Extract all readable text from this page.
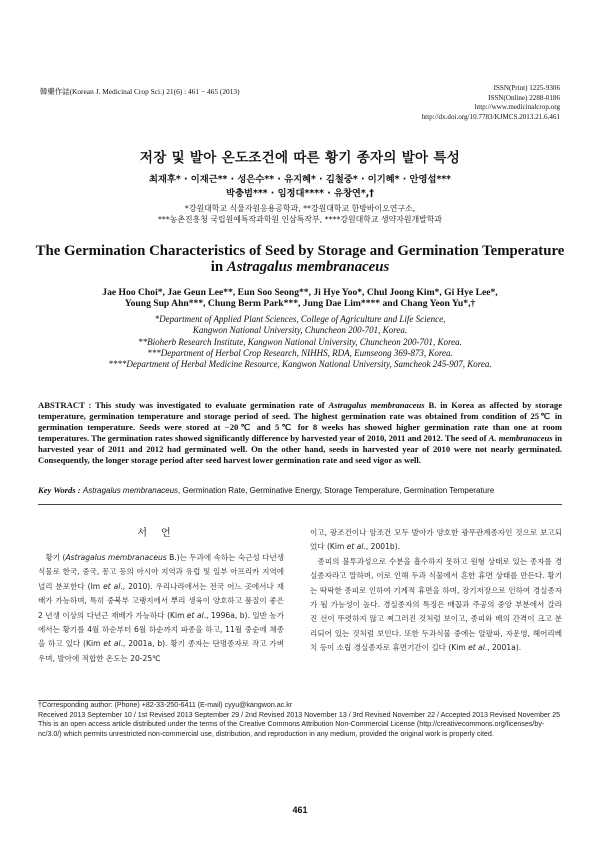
韓藥作誌(Korean J. Medicinal Crop Sci.) 21(6) : 461 − 465 (2013)	ISSN(Print) 1225-9306
ISSN(Online) 2288-0186
http://www.medicinalcrop.org
http://dx.doi.org/10.7783/KJMCS.2013.21.6.461
저장 및 발아 온도조건에 따른 황기 종자의 발아 특성
최재후* · 이재근** · 성은수** · 유지혜* · 김철중* · 이기혜* · 안영섭***
박충범*** · 임정대**** · 유창연*,†
*강원대학교 식물자원응용공학과, **강원대학교 한방바이오연구소,
***농촌진흥청 국립원예특작과학원 인삼특작부, ****강원대학교 생약자원개발학과
The Germination Characteristics of Seed by Storage and Germination Temperature
in Astragalus membranaceus
Jae Hoo Choi*, Jae Geun Lee**, Eun Soo Seong**, Ji Hye Yoo*, Chul Joong Kim*, Gi Hye Lee*,
Young Sup Ahn***, Chung Berm Park***, Jung Dae Lim**** and Chang Yeon Yu*,†
*Department of Applied Plant Sciences, College of Agriculture and Life Science,
Kangwon National University, Chuncheon 200-701, Korea.
**Bioherb Research Institute, Kangwon National University, Chuncheon 200-701, Korea.
***Department of Herbal Crop Research, NIHHS, RDA, Eumseong 369-873, Korea.
****Department of Herbal Medicine Resource, Kangwon National University, Samcheok 245-907, Korea.
ABSTRACT : This study was investigated to evaluate germination rate of Astragalus membranaceus B. in Korea as affected by storage temperature, germination temperature and storage period of seed. The highest germination rate was obtained from condition of 25℃ in germination temperature. Seeds were stored at −20℃ and 5℃ for 8 weeks has showed higher germination rate than one at room temperatures. The germination rates showed significantly difference by harvested year of 2010, 2011 and 2012. The seed of A. membranaceus in harvested year of 2011 and 2012 had germinated well. On the other hand, seeds in harvested year of 2010 were not nearly germinated. Consequently, the longer storage period after seed harvest lower germination rate and seed vigor as well.
Key Words : Astragalus membranaceus, Germination Rate, Germinative Energy, Storage Temperature, Germination Temperature
서언

황기 (Astragalus membranaceus B.)는 두과에 속하는 숙근성 다년생 식물로 한국, 중국, 몽고 등의 아시아 지역과 유럽 및 일부 아프리카 지역에 널리 분포한다 (Im et al., 2010). 우리나라에서는 전국 어느 곳에서나 재배가 가능하며, 특히 중북부 고랭지에서 뿌리 생육이 양호하고 품질이 좋은 2 년생 이상의 다년근 재배가 가능하다 (Kim et al., 1996a, b). 일반 농가에서는 황기를 4월 하순부터 6월 하순까지 파종을 하고, 11월 중순에 채종을 하고 있다 (Kim et al., 2001a, b). 황기 종자는 단명종자로 작고 가벼우며, 발아에 적합한 온도는 20-25℃

이고, 광조건이나 암조건 모두 발아가 양호한 광무관계종자인 것으로 보고되었다 (Kim et al., 2001b).

종피의 불투과성으로 수분을 흡수하지 못하고 원형 상태로 있는 종자를 경실종자라고 말하며, 이로 인해 두과 식물에서 흔한 휴면 상태를 만든다. 황기는 딱딱한 종피로 인하여 기계적 휴면을 하며, 장기저장으로 인하여 경실종자가 될 가능성이 높다. 경실종자의 특징은 배꼽과 주공의 중앙 부분에서 갈라진 선이 뚜렷하지 않고 찌그러진 것처럼 보이고, 종피와 배의 간격이 크고 분리되어 있는 것처럼 보인다. 또한 두과식물 중에는 알팔파, 자운영, 헤어리베치 등이 소립 경실종자로 휴면기간이 길다 (Kim et al., 2001a).

†Corresponding author: (Phone) +82-33-250-6411 (E-mail) cyyu@kangwon.ac.kr
Received 2013 September 10 / 1st Revised 2013 September 29 / 2nd Revised 2013 November 13 / 3rd Revised November 22 / Accepted 2013 Revised November 25
This is an open access article distributed under the terms of the Creative Commons Attribution Non-Commercial License (http://creativecommons.org/licenses/by-nc/3.0/) which permits unrestricted non-commercial use, distribution, and reproduction in any medium, provided the original work is properly cited.
461
